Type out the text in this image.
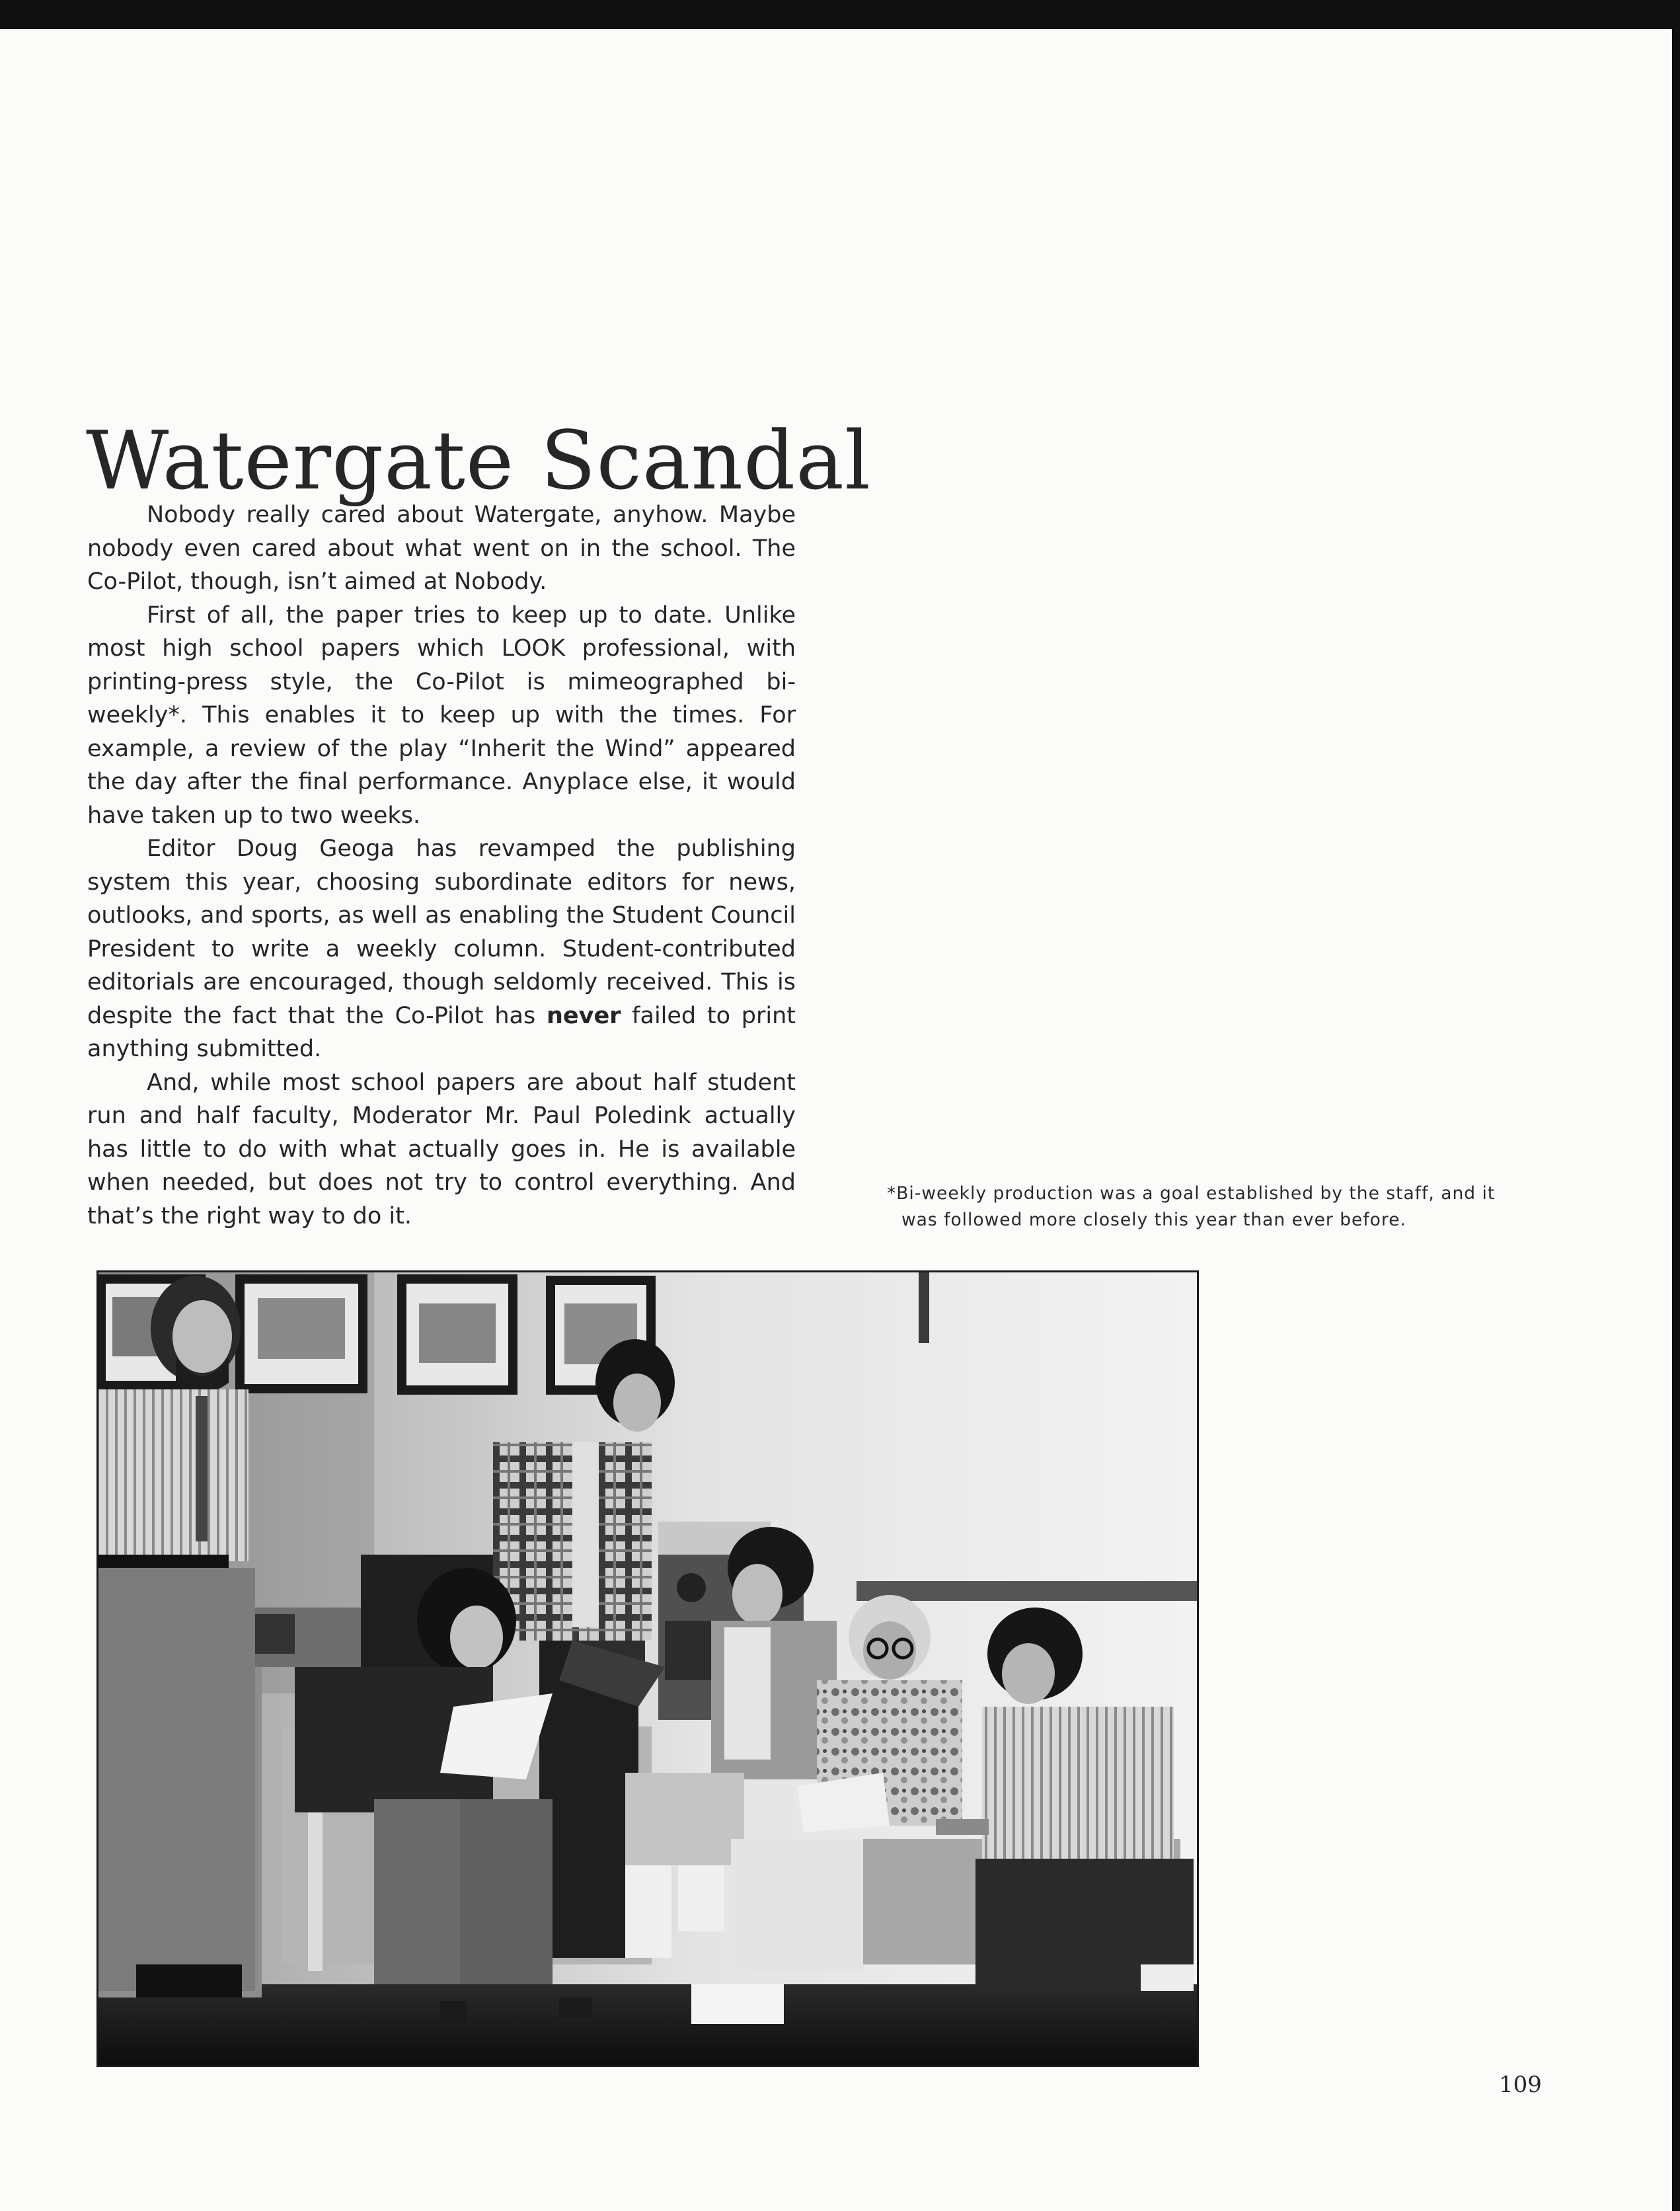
Watergate Scandal

Nobody really cared about Watergate, anyhow. Maybe nobody even cared about what went on in the school. The Co-Pilot, though, isn’t aimed at Nobody.

First of all, the paper tries to keep up to date. Unlike most high school papers which LOOK professional, with printing-press style, the Co-Pilot is mimeographed bi-weekly*. This enables it to keep up with the times. For example, a review of the play “Inherit the Wind” appeared the day after the final performance. Anyplace else, it would have taken up to two weeks.

Editor Doug Geoga has revamped the publishing system this year, choosing subordinate editors for news, outlooks, and sports, as well as enabling the Student Council President to write a weekly column. Student-contributed editorials are encouraged, though seldomly received. This is despite the fact that the Co-Pilot has never failed to print anything submitted.

And, while most school papers are about half student run and half faculty, Moderator Mr. Paul Poledink actually has little to do with what actually goes in. He is available when needed, but does not try to control everything. And that’s the right way to do it.

*Bi-weekly production was a goal established by the staff, and it
was followed more closely this year than ever before.
109
